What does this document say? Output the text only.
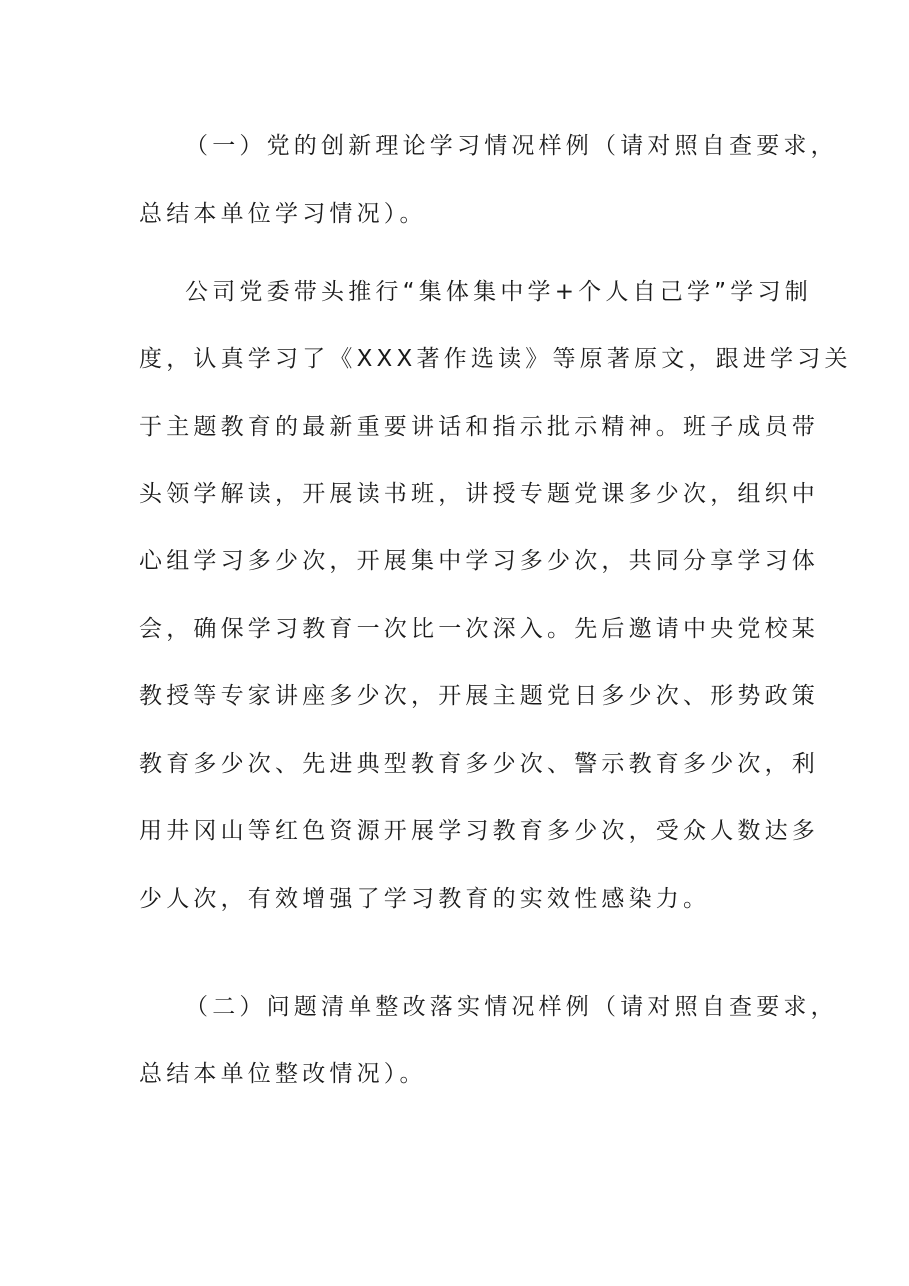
（一）党的创新理论学习情况样例（请对照自查要求，
总结本单位学习情况）。
公司党委带头推行“集体集中学+个人自己学”学习制
度，认真学习了《XXX著作选读》等原著原文，跟进学习关
于主题教育的最新重要讲话和指示批示精神。班子成员带
头领学解读，开展读书班，讲授专题党课多少次，组织中
心组学习多少次，开展集中学习多少次，共同分享学习体
会，确保学习教育一次比一次深入。先后邀请中央党校某
教授等专家讲座多少次，开展主题党日多少次、形势政策
教育多少次、先进典型教育多少次、警示教育多少次，利
用井冈山等红色资源开展学习教育多少次，受众人数达多
少人次，有效增强了学习教育的实效性感染力。
（二）问题清单整改落实情况样例（请对照自查要求，
总结本单位整改情况）。
